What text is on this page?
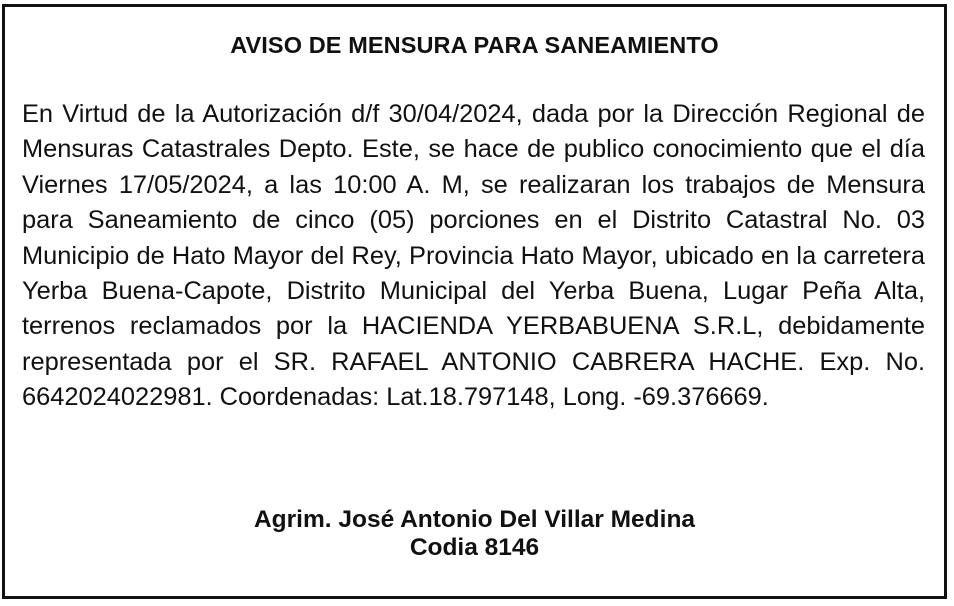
AVISO DE MENSURA PARA SANEAMIENTO

En Virtud de la Autorización d/f 30/04/2024, dada por la Dirección Regional de Mensuras Catastrales Depto. Este, se hace de publico conocimiento que el día Viernes 17/05/2024, a las 10:00 A. M, se realizaran los trabajos de Mensura para Saneamiento de cinco (05) porciones en el Distrito Catastral No. 03 Municipio de Hato Mayor del Rey, Provincia Hato Mayor, ubicado en la carretera Yerba Buena-Capote, Distrito Municipal del Yerba Buena, Lugar Peña Alta, terrenos reclamados por la HACIENDA YERBABUENA S.R.L, debidamente representada por el SR. RAFAEL ANTONIO CABRERA HACHE. Exp. No. 6642024022981. Coordenadas: Lat.18.797148, Long. -69.376669.

Agrim. José Antonio Del Villar Medina
Codia 8146
